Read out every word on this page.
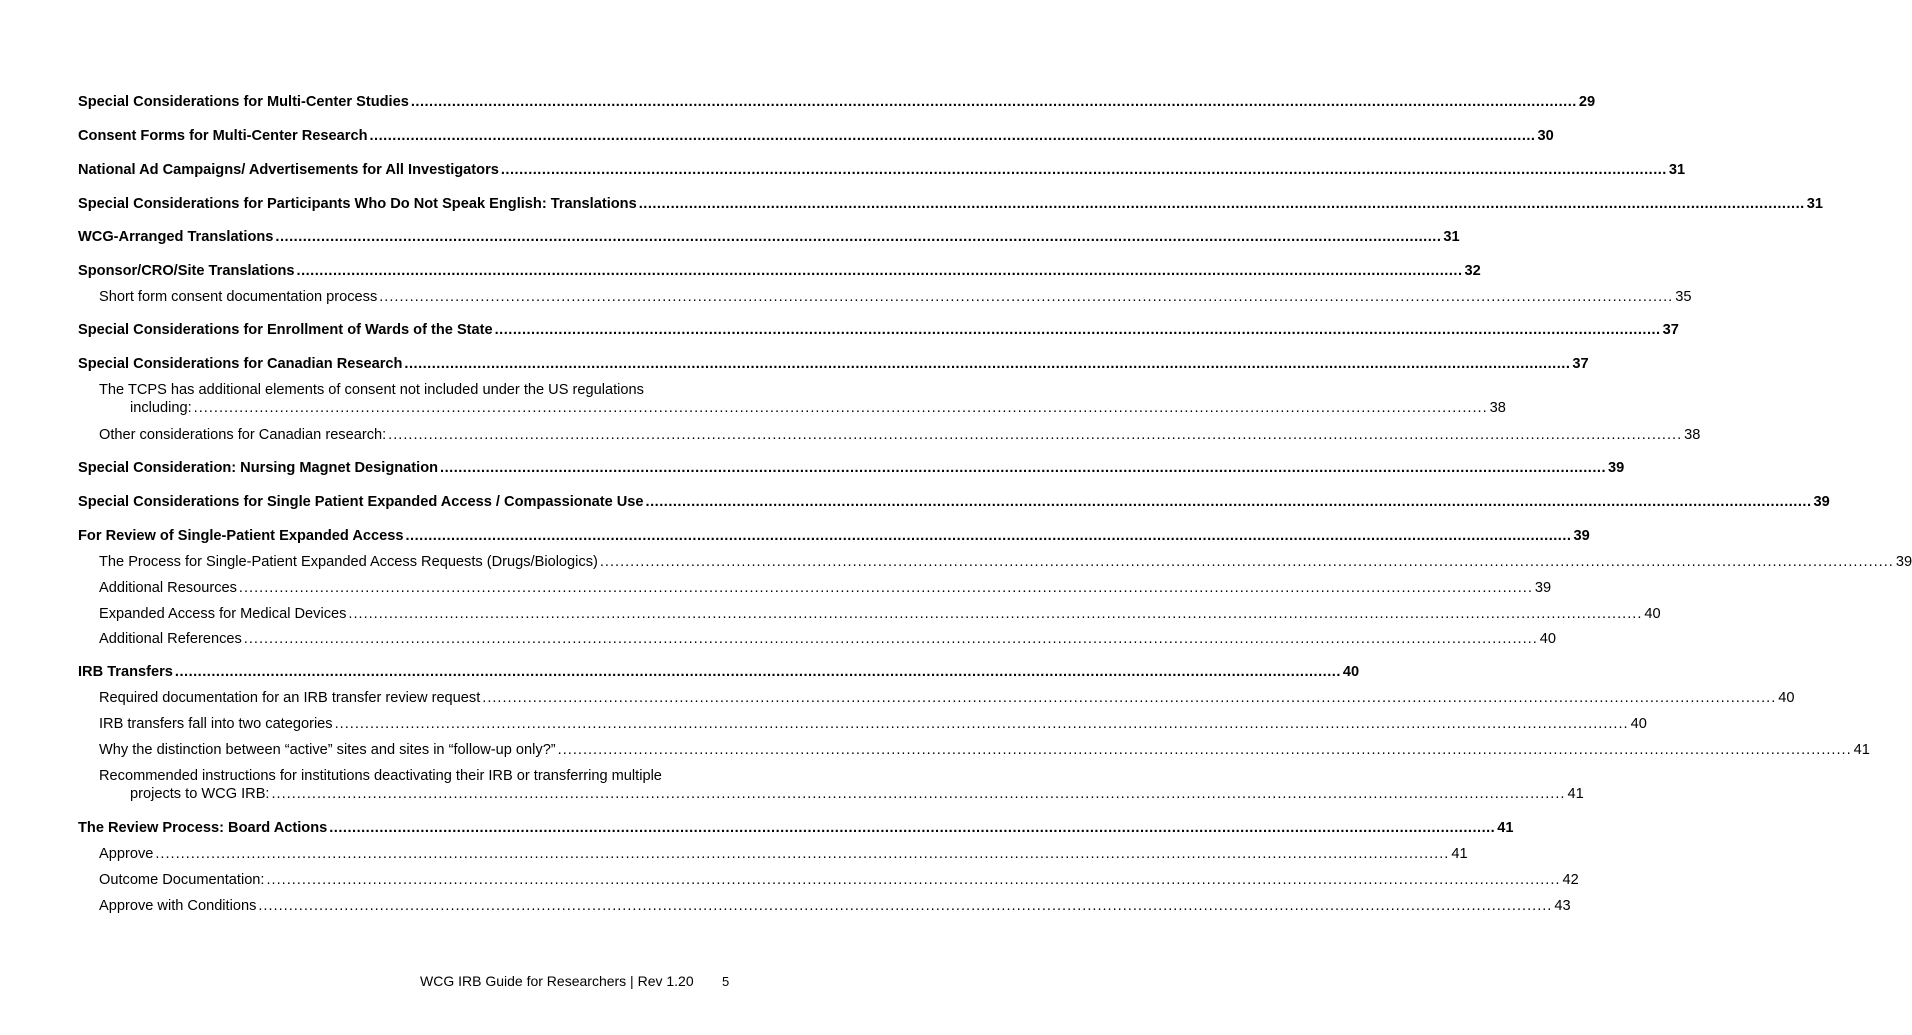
Special Considerations for Multi-Center Studies .....	29
Consent Forms for Multi-Center Research .....	30
National Ad Campaigns/ Advertisements for All Investigators .....	31
Special Considerations for Participants Who Do Not Speak English: Translations .....	31
WCG-Arranged Translations .....	31
Sponsor/CRO/Site Translations .....	32
Short form consent documentation process .....	35
Special Considerations for Enrollment of Wards of the State .....	37
Special Considerations for Canadian Research .....	37
The TCPS has additional elements of consent not included under the US regulations
including: .....	38
Other considerations for Canadian research: .....	38
Special Consideration: Nursing Magnet Designation .....	39
Special Considerations for Single Patient Expanded Access / Compassionate Use .....	39
For Review of Single-Patient Expanded Access .....	39
The Process for Single-Patient Expanded Access Requests (Drugs/Biologics) .....	39
Additional Resources .....	39
Expanded Access for Medical Devices .....	40
Additional References .....	40
IRB Transfers .....	40
Required documentation for an IRB transfer review request .....	40
IRB transfers fall into two categories .....	40
Why the distinction between “active” sites and sites in “follow-up only?” .....	41
Recommended instructions for institutions deactivating their IRB or transferring multiple
projects to WCG IRB: .....	41
The Review Process: Board Actions .....	41
Approve .....	41
Outcome Documentation: .....	42
Approve with Conditions .....	43
WCG IRB Guide for Researchers | Rev 1.20 5
